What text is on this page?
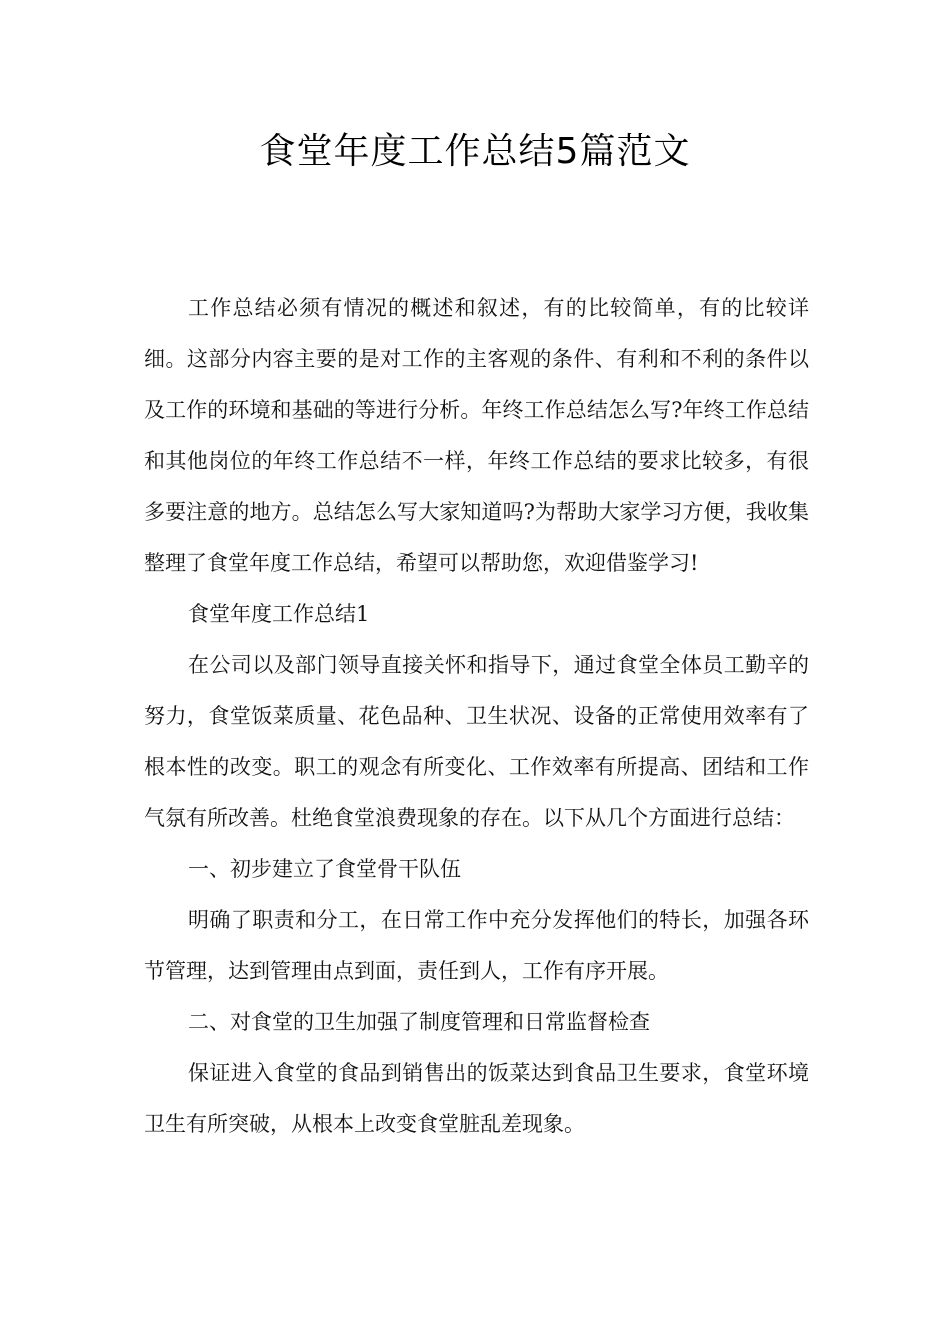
食堂年度工作总结5篇范文

工作总结必须有情况的概述和叙述，有的比较简单，有的比较详细。这部分内容主要的是对工作的主客观的条件、有利和不利的条件以及工作的环境和基础的等进行分析。年终工作总结怎么写?年终工作总结和其他岗位的年终工作总结不一样，年终工作总结的要求比较多，有很多要注意的地方。总结怎么写大家知道吗?为帮助大家学习方便，我收集整理了食堂年度工作总结，希望可以帮助您，欢迎借鉴学习!

食堂年度工作总结1

在公司以及部门领导直接关怀和指导下，通过食堂全体员工勤辛的努力，食堂饭菜质量、花色品种、卫生状况、设备的正常使用效率有了根本性的改变。职工的观念有所变化、工作效率有所提高、团结和工作气氛有所改善。杜绝食堂浪费现象的存在。以下从几个方面进行总结：

一、初步建立了食堂骨干队伍

明确了职责和分工，在日常工作中充分发挥他们的特长，加强各环节管理，达到管理由点到面，责任到人，工作有序开展。

二、对食堂的卫生加强了制度管理和日常监督检查

保证进入食堂的食品到销售出的饭菜达到食品卫生要求，食堂环境卫生有所突破，从根本上改变食堂脏乱差现象。
